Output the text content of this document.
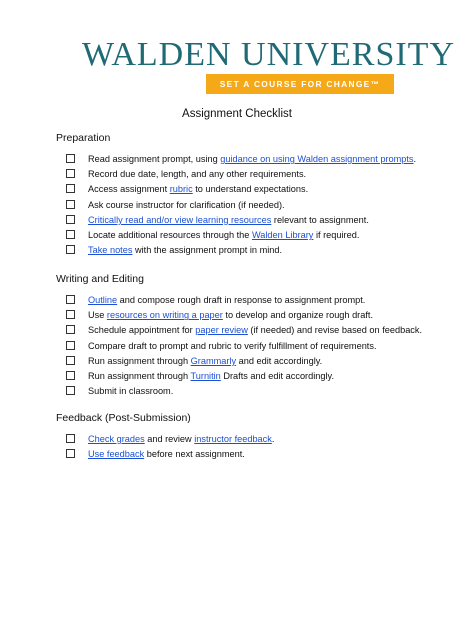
WALDEN UNIVERSITY
SET A COURSE FOR CHANGE™
Assignment Checklist
Preparation
Read assignment prompt, using guidance on using Walden assignment prompts.
Record due date, length, and any other requirements.
Access assignment rubric to understand expectations.
Ask course instructor for clarification (if needed).
Critically read and/or view learning resources relevant to assignment.
Locate additional resources through the Walden Library if required.
Take notes with the assignment prompt in mind.
Writing and Editing
Outline and compose rough draft in response to assignment prompt.
Use resources on writing a paper to develop and organize rough draft.
Schedule appointment for paper review (if needed) and revise based on feedback.
Compare draft to prompt and rubric to verify fulfillment of requirements.
Run assignment through Grammarly and edit accordingly.
Run assignment through Turnitin Drafts and edit accordingly.
Submit in classroom.
Feedback (Post-Submission)
Check grades and review instructor feedback.
Use feedback before next assignment.
